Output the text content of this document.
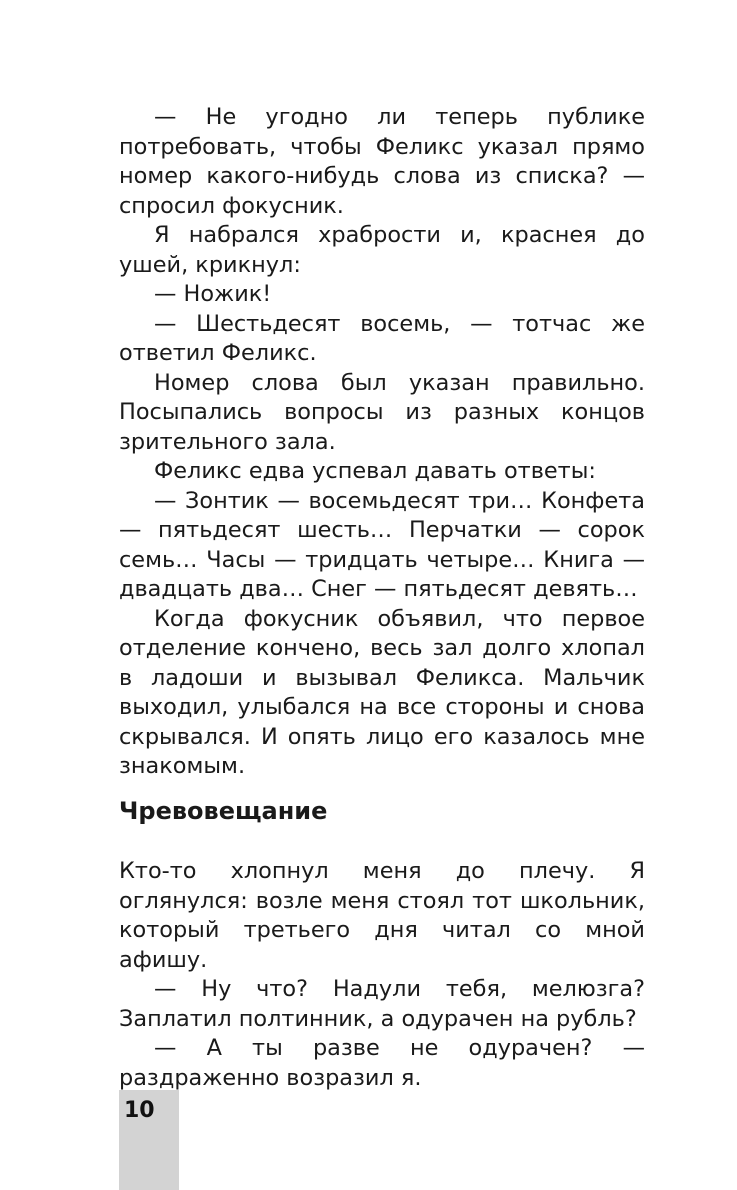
— Не угодно ли теперь публике потребовать, чтобы Феликс указал прямо номер какого-нибудь слова из списка? — спросил фокусник.

Я набрался храбрости и, краснея до ушей, крикнул:

— Ножик!

— Шестьдесят восемь, — тотчас же ответил Феликс.

Номер слова был указан правильно. Посыпались вопросы из разных концов зрительного зала.

Феликс едва успевал давать ответы:

— Зонтик — восемьдесят три… Конфета — пятьдесят шесть… Перчатки — сорок семь… Часы — тридцать четыре… Книга — двадцать два… Снег — пятьдесят девять…

Когда фокусник объявил, что первое отделение кончено, весь зал долго хлопал в ладоши и вызывал Феликса. Мальчик выходил, улыбался на все стороны и снова скрывался. И опять лицо его казалось мне знакомым.

Чревовещание

Кто-то хлопнул меня до плечу. Я оглянулся: возле меня стоял тот школьник, который третьего дня читал со мной афишу.

— Ну что? Надули тебя, мелюзга? Заплатил полтинник, а одурачен на рубль?

— А ты разве не одурачен? — раздраженно возразил я.

10
